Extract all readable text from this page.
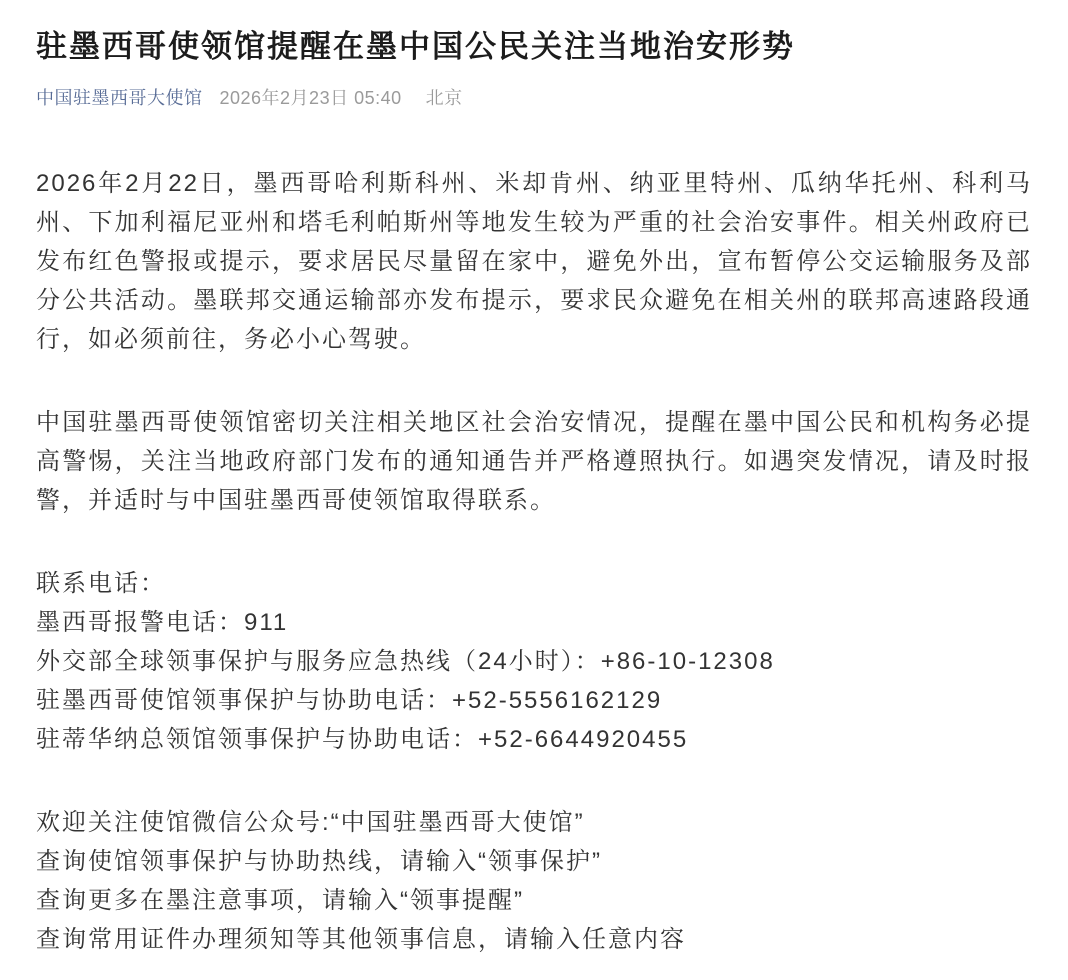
驻墨西哥使领馆提醒在墨中国公民关注当地治安形势
中国驻墨西哥大使馆 2026年2月23日 05:40 北京

2026年2月22日，墨西哥哈利斯科州、米却肯州、纳亚里特州、瓜纳华托州、科利马州、下加利福尼亚州和塔毛利帕斯州等地发生较为严重的社会治安事件。相关州政府已发布红色警报或提示，要求居民尽量留在家中，避免外出，宣布暂停公交运输服务及部分公共活动。墨联邦交通运输部亦发布提示，要求民众避免在相关州的联邦高速路段通行，如必须前往，务必小心驾驶。

中国驻墨西哥使领馆密切关注相关地区社会治安情况，提醒在墨中国公民和机构务必提高警惕，关注当地政府部门发布的通知通告并严格遵照执行。如遇突发情况，请及时报警，并适时与中国驻墨西哥使领馆取得联系。

联系电话：
墨西哥报警电话：911
外交部全球领事保护与服务应急热线（24小时）：+86-10-12308
驻墨西哥使馆领事保护与协助电话：+52-5556162129
驻蒂华纳总领馆领事保护与协助电话：+52-6644920455
欢迎关注使馆微信公众号:“中国驻墨西哥大使馆”
查询使馆领事保护与协助热线，请输入“领事保护”
查询更多在墨注意事项，请输入“领事提醒”
查询常用证件办理须知等其他领事信息，请输入任意内容
